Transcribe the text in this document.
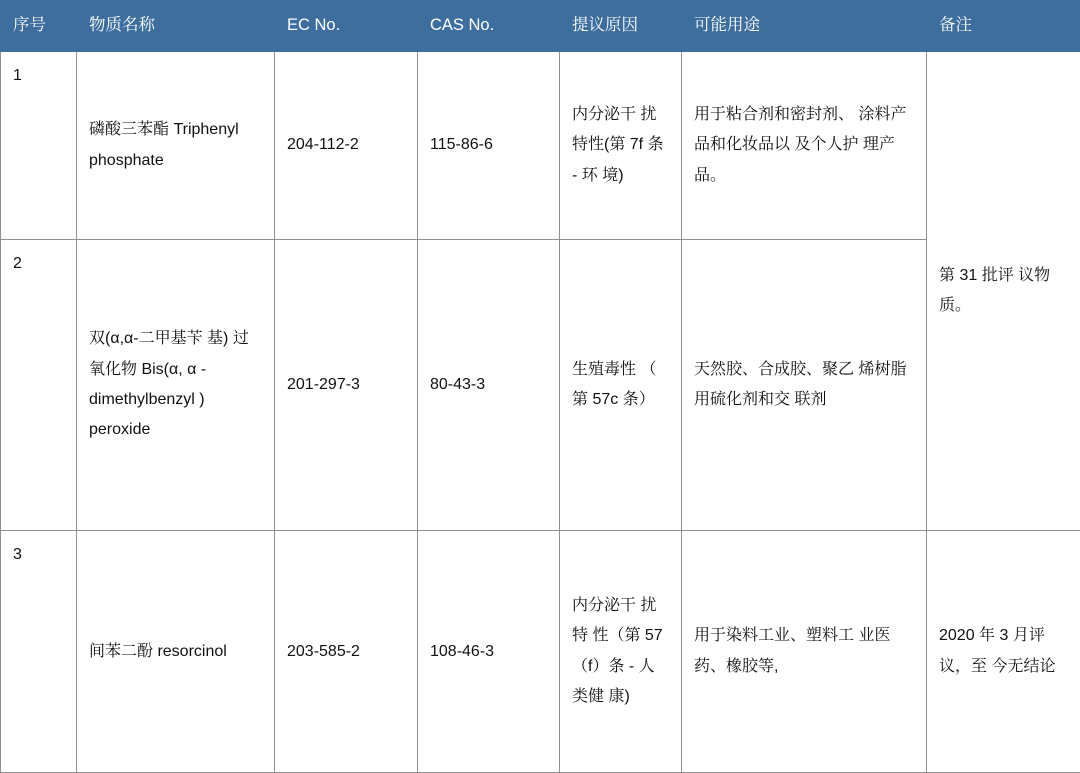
序号	物质名称	EC No.	CAS No.	提议原因	可能用途	备注
1	磷酸三苯酯 Triphenyl phosphate	204-112-2	115-86-6	内分泌干 扰特性(第 7f 条 - 环 境)	用于粘合剂和密封剂、 涂料产品和化妆品以 及个人护 理产品。	第 31 批评 议物质。
2	双(α,α-二甲基苄 基) 过氧化物 Bis(α, α -dimethylbenzyl ) peroxide	201-297-3	80-43-3	生殖毒性 （ 第 57c 条）	天然胶、合成胶、聚乙 烯树脂用硫化剂和交 联剂	
3	间苯二酚 resorcinol	203-585-2	108-46-3	内分泌干 扰 特 性（第 57（f）条 - 人类健 康)	用于染料工业、塑料工 业医药、橡胶等,	2020 年 3 月评议，至 今无结论
